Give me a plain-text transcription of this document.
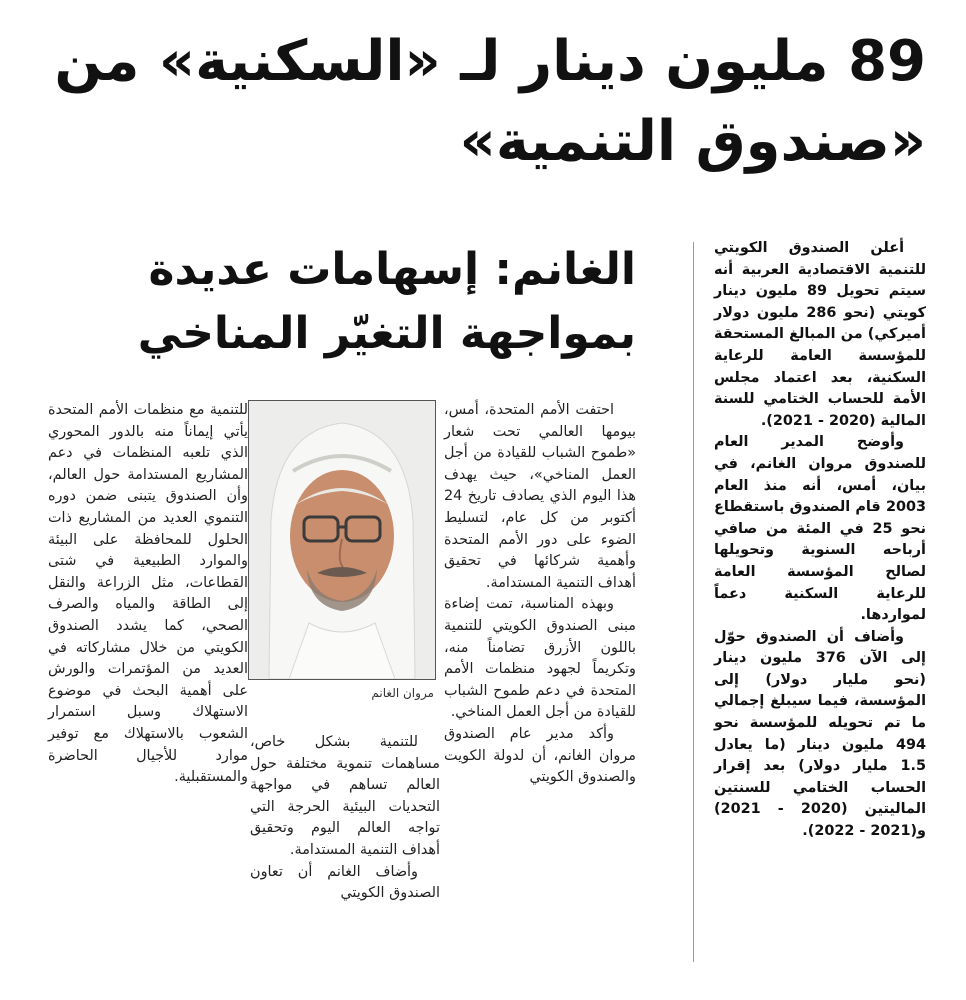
89 مليون دينار لـ «السكنية» من «صندوق التنمية»

أعلن الصندوق الكويتي للتنمية الاقتصادية العربية أنه سيتم تحويل 89 مليون دينار كويتي (نحو 286 مليون دولار أميركي) من المبالغ المستحقة للمؤسسة العامة للرعاية السكنية، بعد اعتماد مجلس الأمة للحساب الختامي للسنة المالية (2020 - 2021).

وأوضح المدير العام للصندوق مروان الغانم، في بيان، أمس، أنه منذ العام 2003 قام الصندوق باستقطاع نحو 25 في المئة من صافي أرباحه السنوية وتحويلها لصالح المؤسسة العامة للرعاية السكنية دعماً لمواردها.

وأضاف أن الصندوق حوّل إلى الآن 376 مليون دينار (نحو مليار دولار) إلى المؤسسة، فيما سيبلغ إجمالي ما تم تحويله للمؤسسة نحو 494 مليون دينار (ما يعادل 1.5 مليار دولار) بعد إقرار الحساب الختامي للسنتين الماليتين (2020 - 2021) و(2021 - 2022).

الغانم: إسهامات عديدة بمواجهة التغيّر المناخي

احتفت الأمم المتحدة، أمس، بيومها العالمي تحت شعار «طموح الشباب للقيادة من أجل العمل المناخي»، حيث يهدف هذا اليوم الذي يصادف تاريخ 24 أكتوبر من كل عام، لتسليط الضوء على دور الأمم المتحدة وأهمية شركائها في تحقيق أهداف التنمية المستدامة.

وبهذه المناسبة، تمت إضاءة مبنى الصندوق الكويتي للتنمية باللون الأزرق تضامناً منه، وتكريماً لجهود منظمات الأمم المتحدة في دعم طموح الشباب للقيادة من أجل العمل المناخي.

وأكد مدير عام الصندوق مروان الغانم، أن لدولة الكويت والصندوق الكويتي

مروان الغانم

للتنمية بشكل خاص، مساهمات تنموية مختلفة حول العالم تساهم في مواجهة التحديات البيئية الحرجة التي تواجه العالم اليوم وتحقيق أهداف التنمية المستدامة.

وأضاف الغانم أن تعاون الصندوق الكويتي

للتنمية مع منظمات الأمم المتحدة يأتي إيماناً منه بالدور المحوري الذي تلعبه المنظمات في دعم المشاريع المستدامة حول العالم، وأن الصندوق يتبنى ضمن دوره التنموي العديد من المشاريع ذات الحلول للمحافظة على البيئة والموارد الطبيعية في شتى القطاعات، مثل الزراعة والنقل إلى الطاقة والمياه والصرف الصحي، كما يشدد الصندوق الكويتي من خلال مشاركاته في العديد من المؤتمرات والورش على أهمية البحث في موضوع الاستهلاك وسبل استمرار الشعوب بالاستهلاك مع توفير موارد للأجيال الحاضرة والمستقبلية.
